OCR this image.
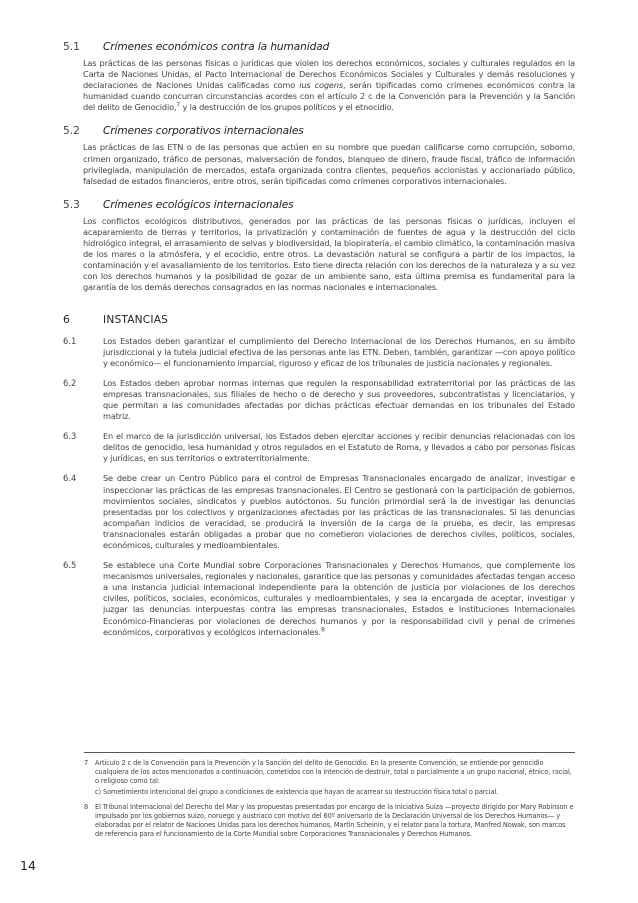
5.1	Crímenes económicos contra la humanidad

Las prácticas de las personas físicas o jurídicas que violen los derechos económicos, sociales y culturales regulados en la Carta de Naciones Unidas, el Pacto Internacional de Derechos Económicos Sociales y Culturales y demás resoluciones y declaraciones de Naciones Unidas calificadas como ius cogens, serán tipificadas como crímenes económicos contra la humanidad cuando concurran circunstancias acordes con el artículo 2 c de la Convención para la Prevención y la Sanción del delito de Genocidio,$^7$ y la destrucción de los grupos políticos y el etnocidio.

5.2	Crímenes corporativos internacionales

Las prácticas de las ETN o de las personas que actúen en su nombre que puedan calificarse como corrupción, soborno, crimen organizado, tráfico de personas, malversación de fondos, blanqueo de dinero, fraude fiscal, tráfico de información privilegiada, manipulación de mercados, estafa organizada contra clientes, pequeños accionistas y accionariado público, falsedad de estados financieros, entre otros, serán tipificadas como crímenes corporativos internacionales.

5.3	Crímenes ecológicos internacionales

Los conflictos ecológicos distributivos, generados por las prácticas de las personas físicas o jurídicas, incluyen el acaparamiento de tierras y territorios, la privatización y contaminación de fuentes de agua y la destrucción del ciclo hidrológico integral, el arrasamiento de selvas y biodiversidad, la biopiratería, el cambio climático, la contaminación masiva de los mares o la atmósfera, y el ecocidio, entre otros. La devastación natural se configura a partir de los impactos, la contaminación y el avasallamiento de los territorios. Esto tiene directa relación con los derechos de la naturaleza y a su vez con los derechos humanos y la posibilidad de gozar de un ambiente sano, esta última premisa es fundamental para la garantía de los demás derechos consagrados en las normas nacionales e internacionales.

6	INSTANCIAS
6.1	Los Estados deben garantizar el cumplimiento del Derecho Internacional de los Derechos Humanos, en su ámbito jurisdiccional y la tutela judicial efectiva de las personas ante las ETN. Deben, también, garantizar —con apoyo político y económico— el funcionamiento imparcial, riguroso y eficaz de los tribunales de justicia nacionales y regionales.
6.2	Los Estados deben aprobar normas internas que regulen la responsabilidad extraterritorial por las prácticas de las empresas transnacionales, sus filiales de hecho o de derecho y sus proveedores, subcontratistas y licenciatarios, y que permitan a las comunidades afectadas por dichas prácticas efectuar demandas en los tribunales del Estado matriz.
6.3	En el marco de la jurisdicción universal, los Estados deben ejercitar acciones y recibir denuncias relacionadas con los delitos de genocidio, lesa humanidad y otros regulados en el Estatuto de Roma, y llevados a cabo por personas físicas y jurídicas, en sus territorios o extraterritorialmente.
6.4	Se debe crear un Centro Público para el control de Empresas Transnacionales encargado de analizar, investigar e inspeccionar las prácticas de las empresas transnacionales. El Centro se gestionará con la participación de gobiernos, movimientos sociales, sindicatos y pueblos autóctonos. Su función primordial será la de investigar las denuncias presentadas por los colectivos y organizaciones afectadas por las prácticas de las transnacionales. Si las denuncias acompañan indicios de veracidad, se producirá la inversión de la carga de la prueba, es decir, las empresas transnacionales estarán obligadas a probar que no cometieron violaciones de derechos civiles, políticos, sociales, económicos, culturales y medioambientales.
6.5	Se establece una Corte Mundial sobre Corporaciones Transnacionales y Derechos Humanos, que complemente los mecanismos universales, regionales y nacionales, garantice que las personas y comunidades afectadas tengan acceso a una instancia judicial internacional independiente para la obtención de justicia por violaciones de los derechos civiles, políticos, sociales, económicos, culturales y medioambientales, y sea la encargada de aceptar, investigar y juzgar las denuncias interpuestas contra las empresas transnacionales, Estados e Instituciones Internacionales Económico-Financieras por violaciones de derechos humanos y por la responsabilidad civil y penal de crímenes económicos, corporativos y ecológicos internacionales.$^8$
7	Artículo 2 c de la Convención para la Prevención y la Sanción del delito de Genocidio. En la presente Convención, se entiende por genocidio cualquiera de los actos mencionados a continuación, cometidos con la intención de destruir, total o parcialmente a un grupo nacional, étnico, racial, o religioso como tal:
c) Sometimiento intencional del grupo a condiciones de existencia que hayan de acarrear su destrucción física total o parcial.
8	El Tribunal Internacional del Derecho del Mar y las propuestas presentadas por encargo de la Iniciativa Suiza —proyecto dirigido por Mary Robinson e impulsado por los gobiernos suizo, noruego y austriaco con motivo del 60º aniversario de la Declaración Universal de los Derechos Humanos— y elaboradas por el relator de Naciones Unidas para los derechos humanos, Martin Scheinin, y el relator para la tortura, Manfred Nowak, son marcos de referencia para el funcionamiento de la Corte Mundial sobre Corporaciones Transnacionales y Derechos Humanos.
14
